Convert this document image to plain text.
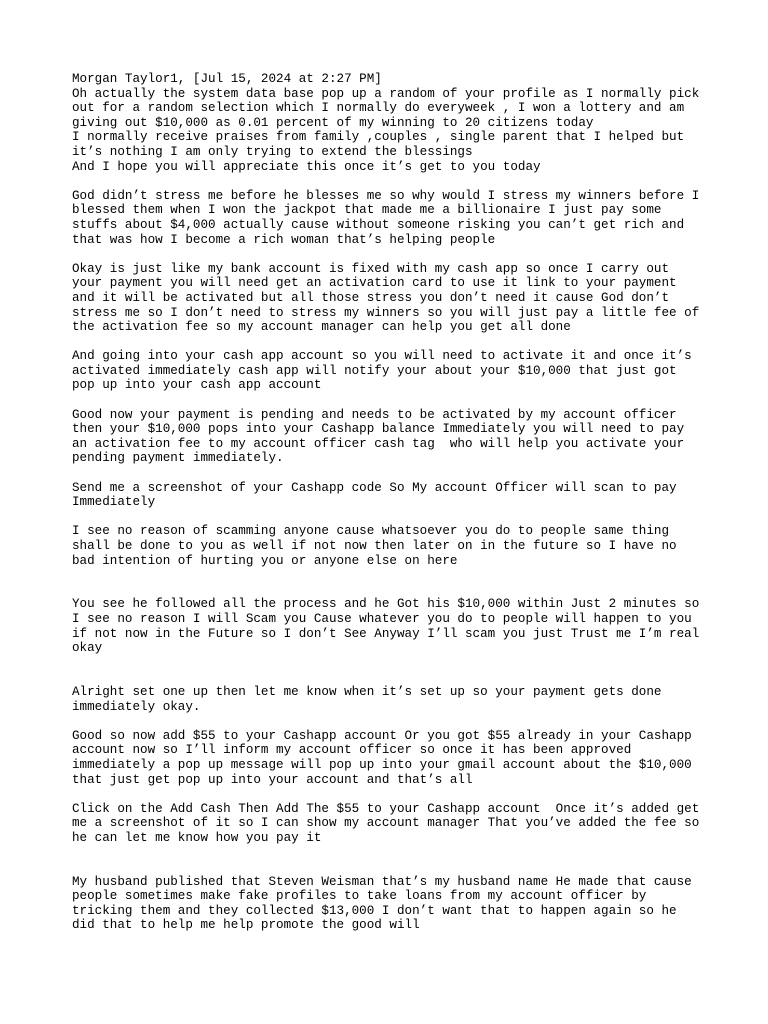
Morgan Taylor1, [Jul 15, 2024 at 2:27 PM]
Oh actually the system data base pop up a random of your profile as I normally pick
out for a random selection which I normally do everyweek , I won a lottery and am
giving out $10,000 as 0.01 percent of my winning to 20 citizens today
I normally receive praises from family ,couples , single parent that I helped but
it’s nothing I am only trying to extend the blessings
And I hope you will appreciate this once it’s get to you today
God didn’t stress me before he blesses me so why would I stress my winners before I
blessed them when I won the jackpot that made me a billionaire I just pay some
stuffs about $4,000 actually cause without someone risking you can’t get rich and
that was how I become a rich woman that’s helping people
Okay is just like my bank account is fixed with my cash app so once I carry out
your payment you will need get an activation card to use it link to your payment
and it will be activated but all those stress you don’t need it cause God don’t
stress me so I don’t need to stress my winners so you will just pay a little fee of
the activation fee so my account manager can help you get all done
And going into your cash app account so you will need to activate it and once it’s
activated immediately cash app will notify your about your $10,000 that just got
pop up into your cash app account
Good now your payment is pending and needs to be activated by my account officer
then your $10,000 pops into your Cashapp balance Immediately you will need to pay
an activation fee to my account officer cash tag  who will help you activate your
pending payment immediately.
Send me a screenshot of your Cashapp code So My account Officer will scan to pay
Immediately
I see no reason of scamming anyone cause whatsoever you do to people same thing
shall be done to you as well if not now then later on in the future so I have no
bad intention of hurting you or anyone else on here
You see he followed all the process and he Got his $10,000 within Just 2 minutes so
I see no reason I will Scam you Cause whatever you do to people will happen to you
if not now in the Future so I don’t See Anyway I’ll scam you just Trust me I’m real
okay
Alright set one up then let me know when it’s set up so your payment gets done
immediately okay.
Good so now add $55 to your Cashapp account Or you got $55 already in your Cashapp
account now so I’ll inform my account officer so once it has been approved
immediately a pop up message will pop up into your gmail account about the $10,000
that just get pop up into your account and that’s all
Click on the Add Cash Then Add The $55 to your Cashapp account  Once it’s added get
me a screenshot of it so I can show my account manager That you’ve added the fee so
he can let me know how you pay it
My husband published that Steven Weisman that’s my husband name He made that cause
people sometimes make fake profiles to take loans from my account officer by
tricking them and they collected $13,000 I don’t want that to happen again so he
did that to help me help promote the good will
